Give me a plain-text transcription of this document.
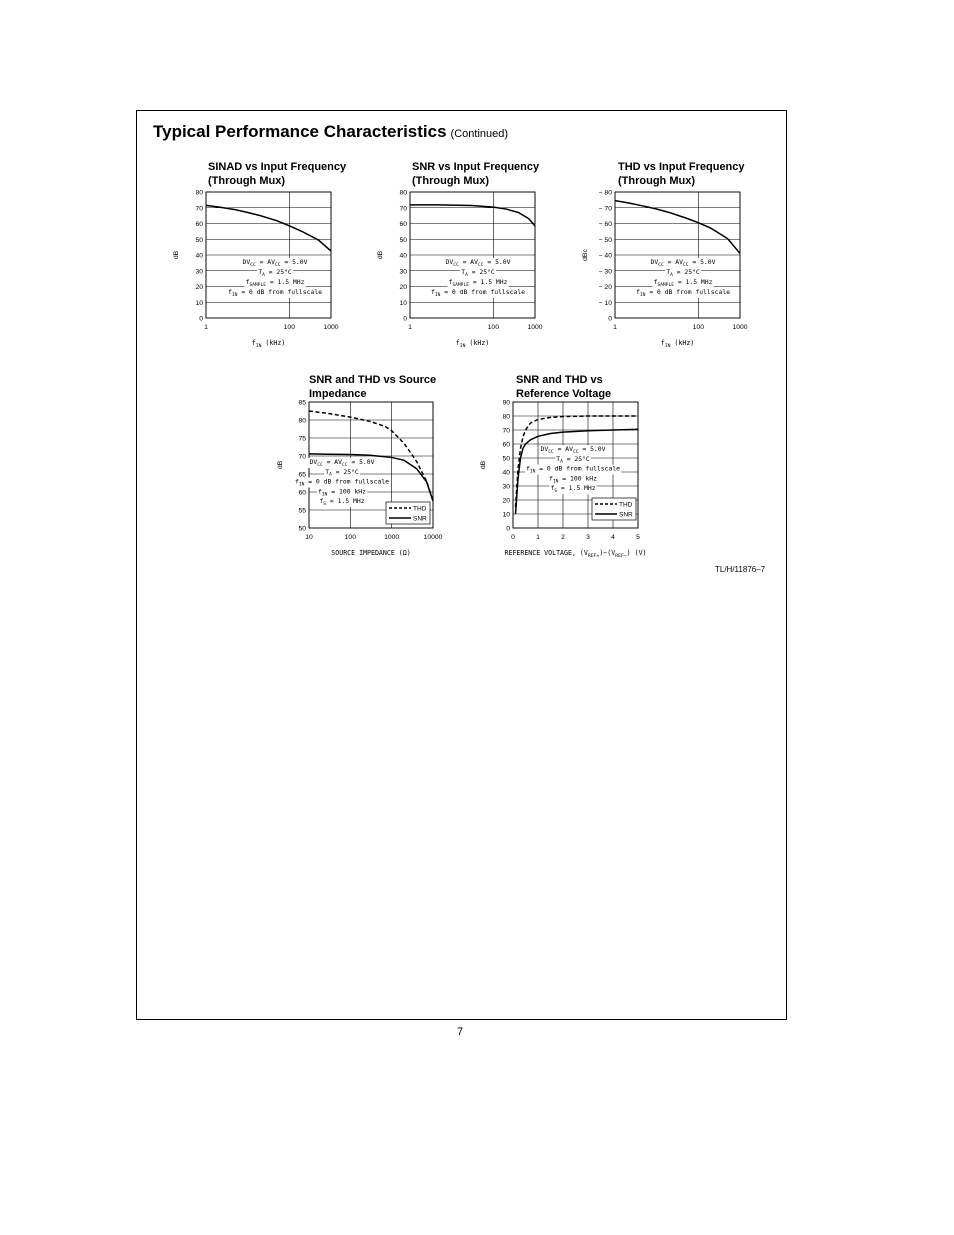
Typical Performance Characteristics (Continued)
SINAD vs Input Frequency
(Through Mux)
SNR vs Input Frequency
(Through Mux)
THD vs Input Frequency
(Through Mux)
SNR and THD vs Source
Impedance
SNR and THD vs
Reference Voltage
$DV_{CC} = AV_{CC} = 5.0V$
$T_A = 25^\circ C$
$f_{SAMPLE} = 1.5$ MHz
$f_{IN} = 0$ dB from fullscale
0
10
20
30
40
50
60
70
80
1	100	1000
$f_{IN}$ (kHz)
dB
$DV_{CC} = AV_{CC} = 5.0V$
$T_A = 25^\circ C$
$f_{SAMPLE} = 1.5$ MHz
$f_{IN} = 0$ dB from fullscale
0
10
20
30
40
50
60
70
80
1	100	1000
$f_{IN}$ (kHz)
dB
$DV_{CC} = AV_{CC} = 5.0V$
$T_A = 25^\circ C$
$f_{SAMPLE} = 1.5$ MHz
$f_{IN} = 0$ dB from fullscale
0
− 10
− 20
− 30
− 40
− 50
− 60
− 70
− 80
1	100	1000
$f_{IN}$ (kHz)
dBc
$DV_{CC} = AV_{CC} = 5.0V$
$T_A = 25^\circ C$
$f_{IN} = 0$ dB from fullscale
$f_{IN} = 100$ kHz
$f_S = 1.5$ MHz
THD
SNR
50
55
60
65
70
75
80
85
10	100	1000	10000
SOURCE IMPEDANCE (Ω)
dB
$DV_{CC} = AV_{CC} = 5.0V$
$T_A = 25^\circ C$
$f_{IN} = 0$ dB from fullscale
$f_{IN} = 100$ kHz
$f_S = 1.5$ MHz
THD
SNR
0
10
20
30
40
50
60
70
80
90
0	1	2	3	4	5
REFERENCE VOLTAGE, $(V_{REF+})-(V_{REF-})$ (V)
dB
TL/H/11876–7
7
